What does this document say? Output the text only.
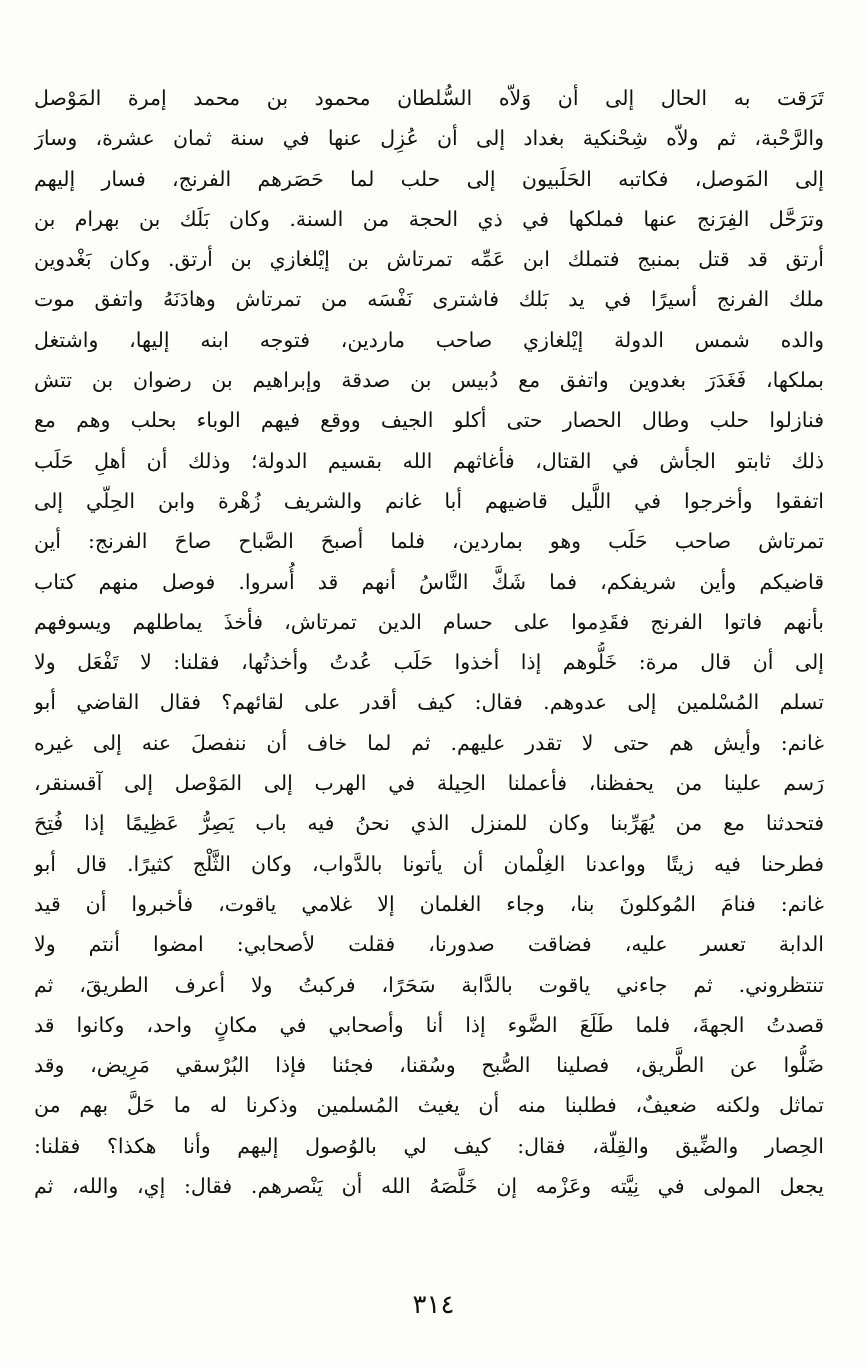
تَرَقت به الحال إلى أن وَلاّه السُّلطان محمود بن محمد إمرة المَوْصل
والرَّحْبة، ثم ولاّه شِحْنكية بغداد إلى أن عُزِل عنها في سنة ثمان عشرة، وسارَ
إلى المَوصل، فكاتبه الحَلَبيون إلى حلب لما حَصَرهم الفرنج، فسار إليهم
وترَحَّل الفِرَنج عنها فملكها في ذي الحجة من السنة. وكان بَلَك بن بهرام بن
أرتق قد قتل بمنبج فتملك ابن عَمِّه تمرتاش بن إيْلغازي بن أرتق. وكان بَغْدوين
ملك الفرنج أسيرًا في يد بَلك فاشترى نَفْسَه من تمرتاش وهادَنَهُ واتفق موت
والده شمس الدولة إيْلغازي صاحب ماردين، فتوجه ابنه إليها، واشتغل
بملكها، فَغَدَرَ بغدوين واتفق مع دُبيس بن صدقة وإبراهيم بن رضوان بن تتش
فنازلوا حلب وطال الحصار حتى أكلو الجيف ووقع فيهم الوباء بحلب وهم مع
ذلك ثابتو الجأش في القتال، فأغاثهم الله بقسيم الدولة؛ وذلك أن أهلِ حَلَب
اتفقوا وأخرجوا في اللَّيل قاضيهم أبا غانم والشريف زُهْرة وابن الحِلّي إلى
تمرتاش صاحب حَلَب وهو بماردين، فلما أصبحَ الصَّباح صاحَ الفرنج: أين
قاضيكم وأين شريفكم، فما شَكَّ النَّاسُ أنهم قد أُسروا. فوصل منهم كتاب
بأنهم فاتوا الفرنج فقَدِموا على حسام الدين تمرتاش، فأخذَ يماطلهم ويسوفهم
إلى أن قال مرة: خَلُّوهم إذا أخذوا حَلَب عُدتُ وأخذتُها، فقلنا: لا تَفْعَل ولا
تسلم المُسْلمين إلى عدوهم. فقال: كيف أقدر على لقائهم؟ فقال القاضي أبو
غانم: وأيش هم حتى لا تقدر عليهم. ثم لما خاف أن ننفصلَ عنه إلى غيره
رَسم علينا من يحفظنا، فأعملنا الحِيلة في الهرب إلى المَوْصل إلى آقسنقر،
فتحدثنا مع من يُهَرِّبنا وكان للمنزل الذي نحنُ فيه باب يَصِرُّ عَظِيمًا إذا فُتِحَ
فطرحنا فيه زيتًا وواعدنا الغِلْمان أن يأتونا بالدَّواب، وكان الثَّلْج كثيرًا. قال أبو
غانم: فنامَ المُوكلونَ بنا، وجاء الغلمان إلا غلامي ياقوت، فأخبروا أن قيد
الدابة تعسر عليه، فضاقت صدورنا، فقلت لأصحابي: امضوا أنتم ولا
تنتظروني. ثم جاءني ياقوت بالدَّابة سَحَرًا، فركبتُ ولا أعرف الطريقَ، ثم
قصدتُ الجهةَ، فلما طَلَعَ الضَّوء إذا أنا وأصحابي في مكانٍ واحد، وكانوا قد
ضَلُّوا عن الطَّريق، فصلينا الصُّبح وسُقنا، فجئنا فإذا البُرْسقي مَرِيض، وقد
تماثل ولكنه ضعيفٌ، فطلبنا منه أن يغيث المُسلمين وذكرنا له ما حَلَّ بهم من
الحِصار والضِّيق والقِلّة، فقال: كيف لي بالوُصول إليهم وأنا هكذا؟ فقلنا:
يجعل المولى في نِيَّته وعَزْمه إن خَلَّصَهُ الله أن يَنْصرهم. فقال: إي، والله، ثم
٣١٤
